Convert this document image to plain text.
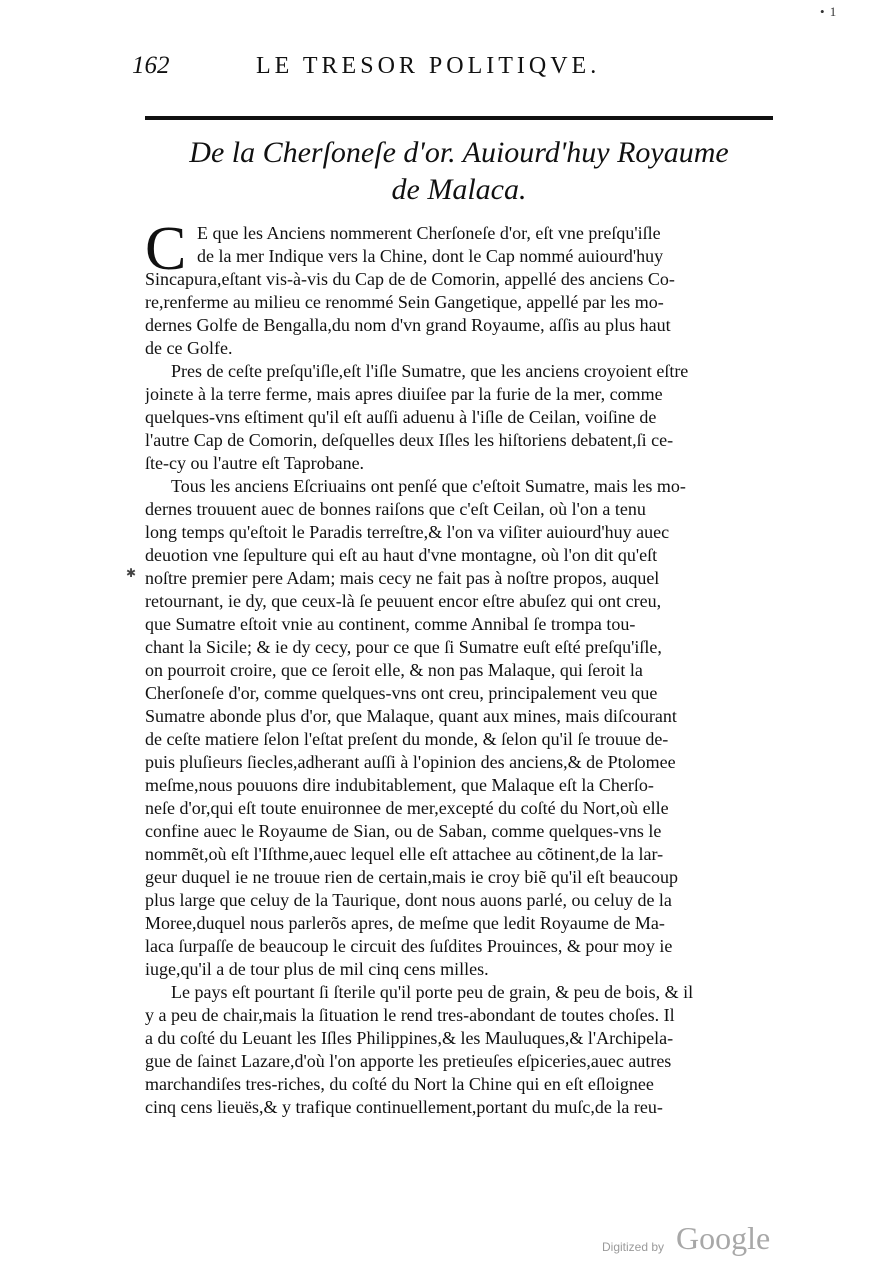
• 1
162	LE TRESOR POLITIQVE.
De la Cherſoneſe d'or. Auiourd'huy Royaume
de Malaca.
✱
C E que les Anciens nommerent Cherſoneſe d'or, eſt vne preſqu'iſle
de la mer Indique vers la Chine, dont le Cap nommé auiourd'huy
Sincapura,eſtant vis-à-vis du Cap de de Comorin, appellé des anciens Co-
re,renferme au milieu ce renommé Sein Gangetique, appellé par les mo-
dernes Golfe de Bengalla,du nom d'vn grand Royaume, aſſis au plus haut
de ce Golfe.
Pres de ceſte preſqu'iſle,eſt l'iſle Sumatre, que les anciens croyoient eſtre
joinɛte à la terre ferme, mais apres diuiſee par la furie de la mer, comme
quelques-vns eſtiment qu'il eſt auſſi aduenu à l'iſle de Ceilan, voiſine de
l'autre Cap de Comorin, deſquelles deux Iſles les hiſtoriens debatent,ſi ce-
ſte-cy ou l'autre eſt Taprobane.
Tous les anciens Eſcriuains ont penſé que c'eſtoit Sumatre, mais les mo-
dernes trouuent auec de bonnes raiſons que c'eſt Ceilan, où l'on a tenu
long temps qu'eſtoit le Paradis terreſtre,& l'on va viſiter auiourd'huy auec
deuotion vne ſepulture qui eſt au haut d'vne montagne, où l'on dit qu'eſt
noſtre premier pere Adam; mais cecy ne fait pas à noſtre propos, auquel
retournant, ie dy, que ceux-là ſe peuuent encor eſtre abuſez qui ont creu,
que Sumatre eſtoit vnie au continent, comme Annibal ſe trompa tou-
chant la Sicile; & ie dy cecy, pour ce que ſi Sumatre euſt eſté preſqu'iſle,
on pourroit croire, que ce ſeroit elle, & non pas Malaque, qui ſeroit la
Cherſoneſe d'or, comme quelques-vns ont creu, principalement veu que
Sumatre abonde plus d'or, que Malaque, quant aux mines, mais diſcourant
de ceſte matiere ſelon l'eſtat preſent du monde, & ſelon qu'il ſe trouue de-
puis pluſieurs ſiecles,adherant auſſi à l'opinion des anciens,& de Ptolomee
meſme,nous pouuons dire indubitablement, que Malaque eſt la Cherſo-
neſe d'or,qui eſt toute enuironnee de mer,excepté du coſté du Nort,où elle
confine auec le Royaume de Sian, ou de Saban, comme quelques-vns le
nommẽt,où eſt l'Iſthme,auec lequel elle eſt attachee au cõtinent,de la lar-
geur duquel ie ne trouue rien de certain,mais ie croy biẽ qu'il eſt beaucoup
plus large que celuy de la Taurique, dont nous auons parlé, ou celuy de la
Moree,duquel nous parlerõs apres, de meſme que ledit Royaume de Ma-
laca ſurpaſſe de beaucoup le circuit des ſuſdites Prouinces, & pour moy ie
iuge,qu'il a de tour plus de mil cinq cens milles.
Le pays eſt pourtant ſi ſterile qu'il porte peu de grain, & peu de bois, & il
y a peu de chair,mais la ſituation le rend tres-abondant de toutes choſes. Il
a du coſté du Leuant les Iſles Philippines,& les Mauluques,& l'Archipela-
gue de ſainɛt Lazare,d'où l'on apporte les pretieuſes eſpiceries,auec autres
marchandiſes tres-riches, du coſté du Nort la Chine qui en eſt eſloignee
cinq cens lieuës,& y trafique continuellement,portant du muſc,de la reu-
Digitized by Google
